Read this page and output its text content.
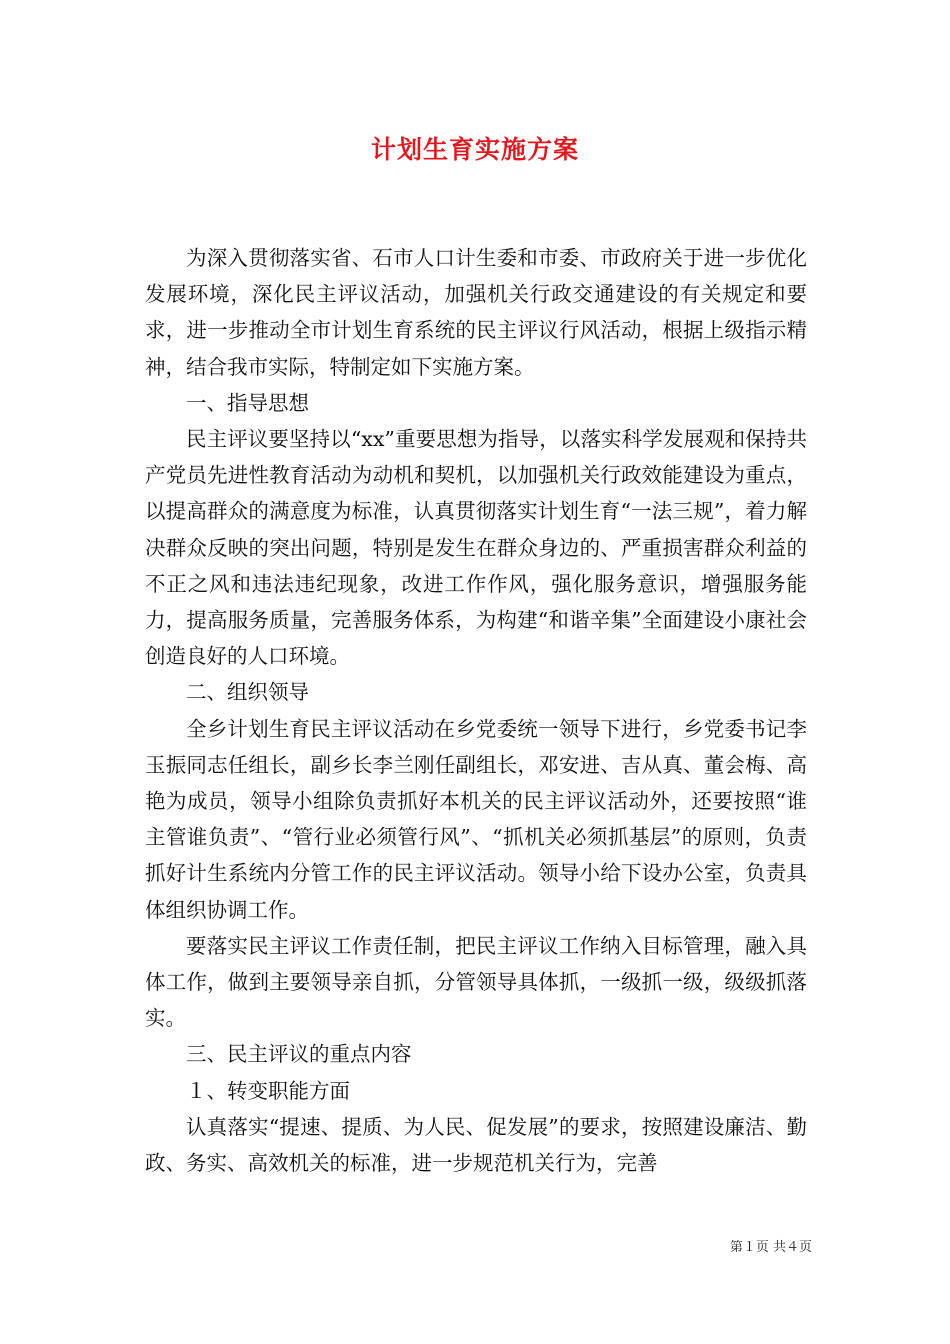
计划生育实施方案

为深入贯彻落实省、石市人口计生委和市委、市政府关于进一步优化发展环境，深化民主评议活动，加强机关行政交通建设的有关规定和要求，进一步推动全市计划生育系统的民主评议行风活动，根据上级指示精神，结合我市实际，特制定如下实施方案。

一、指导思想

民主评议要坚持以“xx”重要思想为指导，以落实科学发展观和保持共产党员先进性教育活动为动机和契机，以加强机关行政效能建设为重点，以提高群众的满意度为标准，认真贯彻落实计划生育“一法三规”，着力解决群众反映的突出问题，特别是发生在群众身边的、严重损害群众利益的不正之风和违法违纪现象，改进工作作风，强化服务意识，增强服务能力，提高服务质量，完善服务体系，为构建“和谐辛集”全面建设小康社会创造良好的人口环境。

二、组织领导

全乡计划生育民主评议活动在乡党委统一领导下进行，乡党委书记李玉振同志任组长，副乡长李兰刚任副组长，邓安进、吉从真、董会梅、高艳为成员，领导小组除负责抓好本机关的民主评议活动外，还要按照“谁主管谁负责”、“管行业必须管行风”、“抓机关必须抓基层”的原则，负责抓好计生系统内分管工作的民主评议活动。领导小给下设办公室，负责具体组织协调工作。

要落实民主评议工作责任制，把民主评议工作纳入目标管理，融入具体工作，做到主要领导亲自抓，分管领导具体抓，一级抓一级，级级抓落实。

三、民主评议的重点内容

１、转变职能方面

认真落实“提速、提质、为人民、促发展”的要求，按照建设廉洁、勤政、务实、高效机关的标准，进一步规范机关行为，完善

第１页 共４页
